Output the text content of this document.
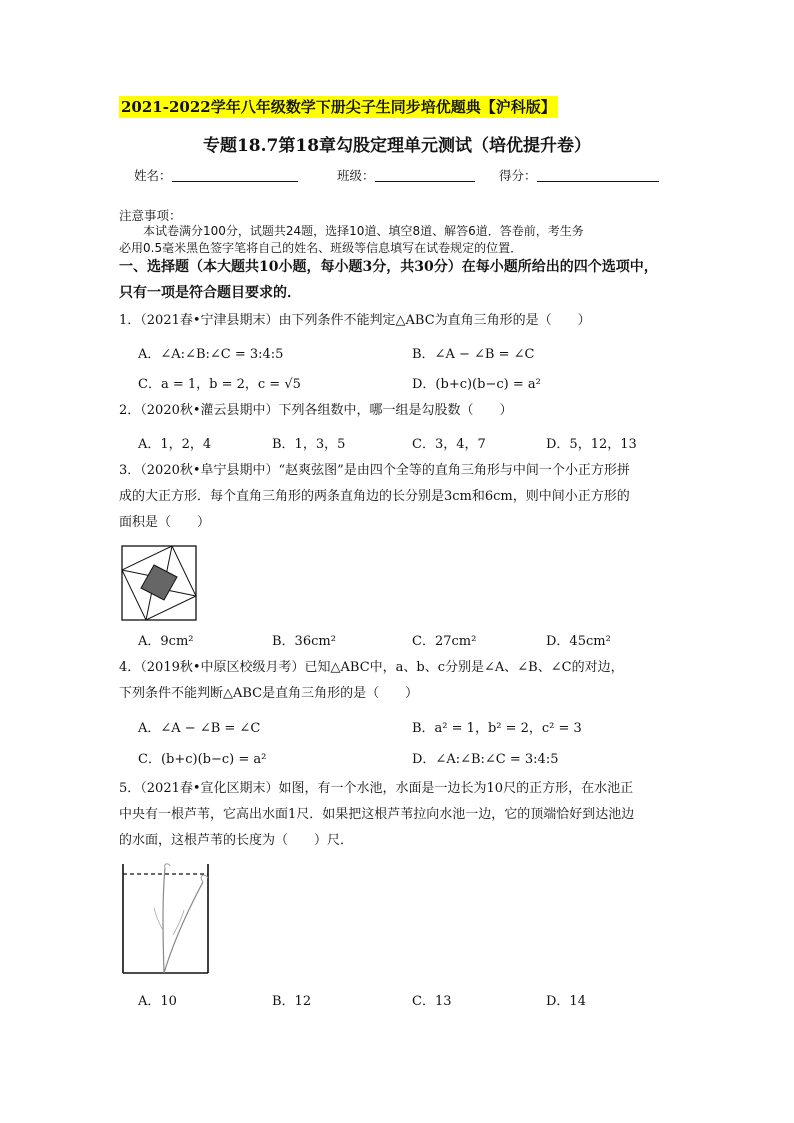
2021-2022学年八年级数学下册尖子生同步培优题典【沪科版】
专题18.7第18章勾股定理单元测试（培优提升卷）
姓名：	班级：	得分：
注意事项：

本试卷满分100分，试题共24题，选择10道、填空8道、解答6道．答卷前，考生务

必用0.5毫米黑色签字笔将自己的姓名、班级等信息填写在试卷规定的位置．

一、选择题（本大题共10小题，每小题3分，共30分）在每小题所给出的四个选项中，
只有一项是符合题目要求的．
1．（2021春•宁津县期末）由下列条件不能判定△ABC为直角三角形的是（　　）
A．∠A:∠B:∠C = 3:4:5	B．∠A − ∠B = ∠C
C．a = 1，b = 2，c = √5	D．(b+c)(b−c) = a²
2．（2020秋•灌云县期中）下列各组数中，哪一组是勾股数（　　）
A．1，2，4	B．1，3，5	C．3，4，7	D．5，12，13
3．（2020秋•阜宁县期中）“赵爽弦图”是由四个全等的直角三角形与中间一个小正方形拼
成的大正方形．每个直角三角形的两条直角边的长分别是3cm和6cm，则中间小正方形的
面积是（　　）
A．9cm²	B．36cm²	C．27cm²	D．45cm²
4．（2019秋•中原区校级月考）已知△ABC中，a、b、c分别是∠A、∠B、∠C的对边，
下列条件不能判断△ABC是直角三角形的是（　　）
A．∠A − ∠B = ∠C	B．a² = 1，b² = 2，c² = 3
C．(b+c)(b−c) = a²	D．∠A:∠B:∠C = 3:4:5
5．（2021春•宣化区期末）如图，有一个水池，水面是一边长为10尺的正方形，在水池正
中央有一根芦苇，它高出水面1尺．如果把这根芦苇拉向水池一边，它的顶端恰好到达池边
的水面，这根芦苇的长度为（　　）尺．
A．10	B．12	C．13	D．14
